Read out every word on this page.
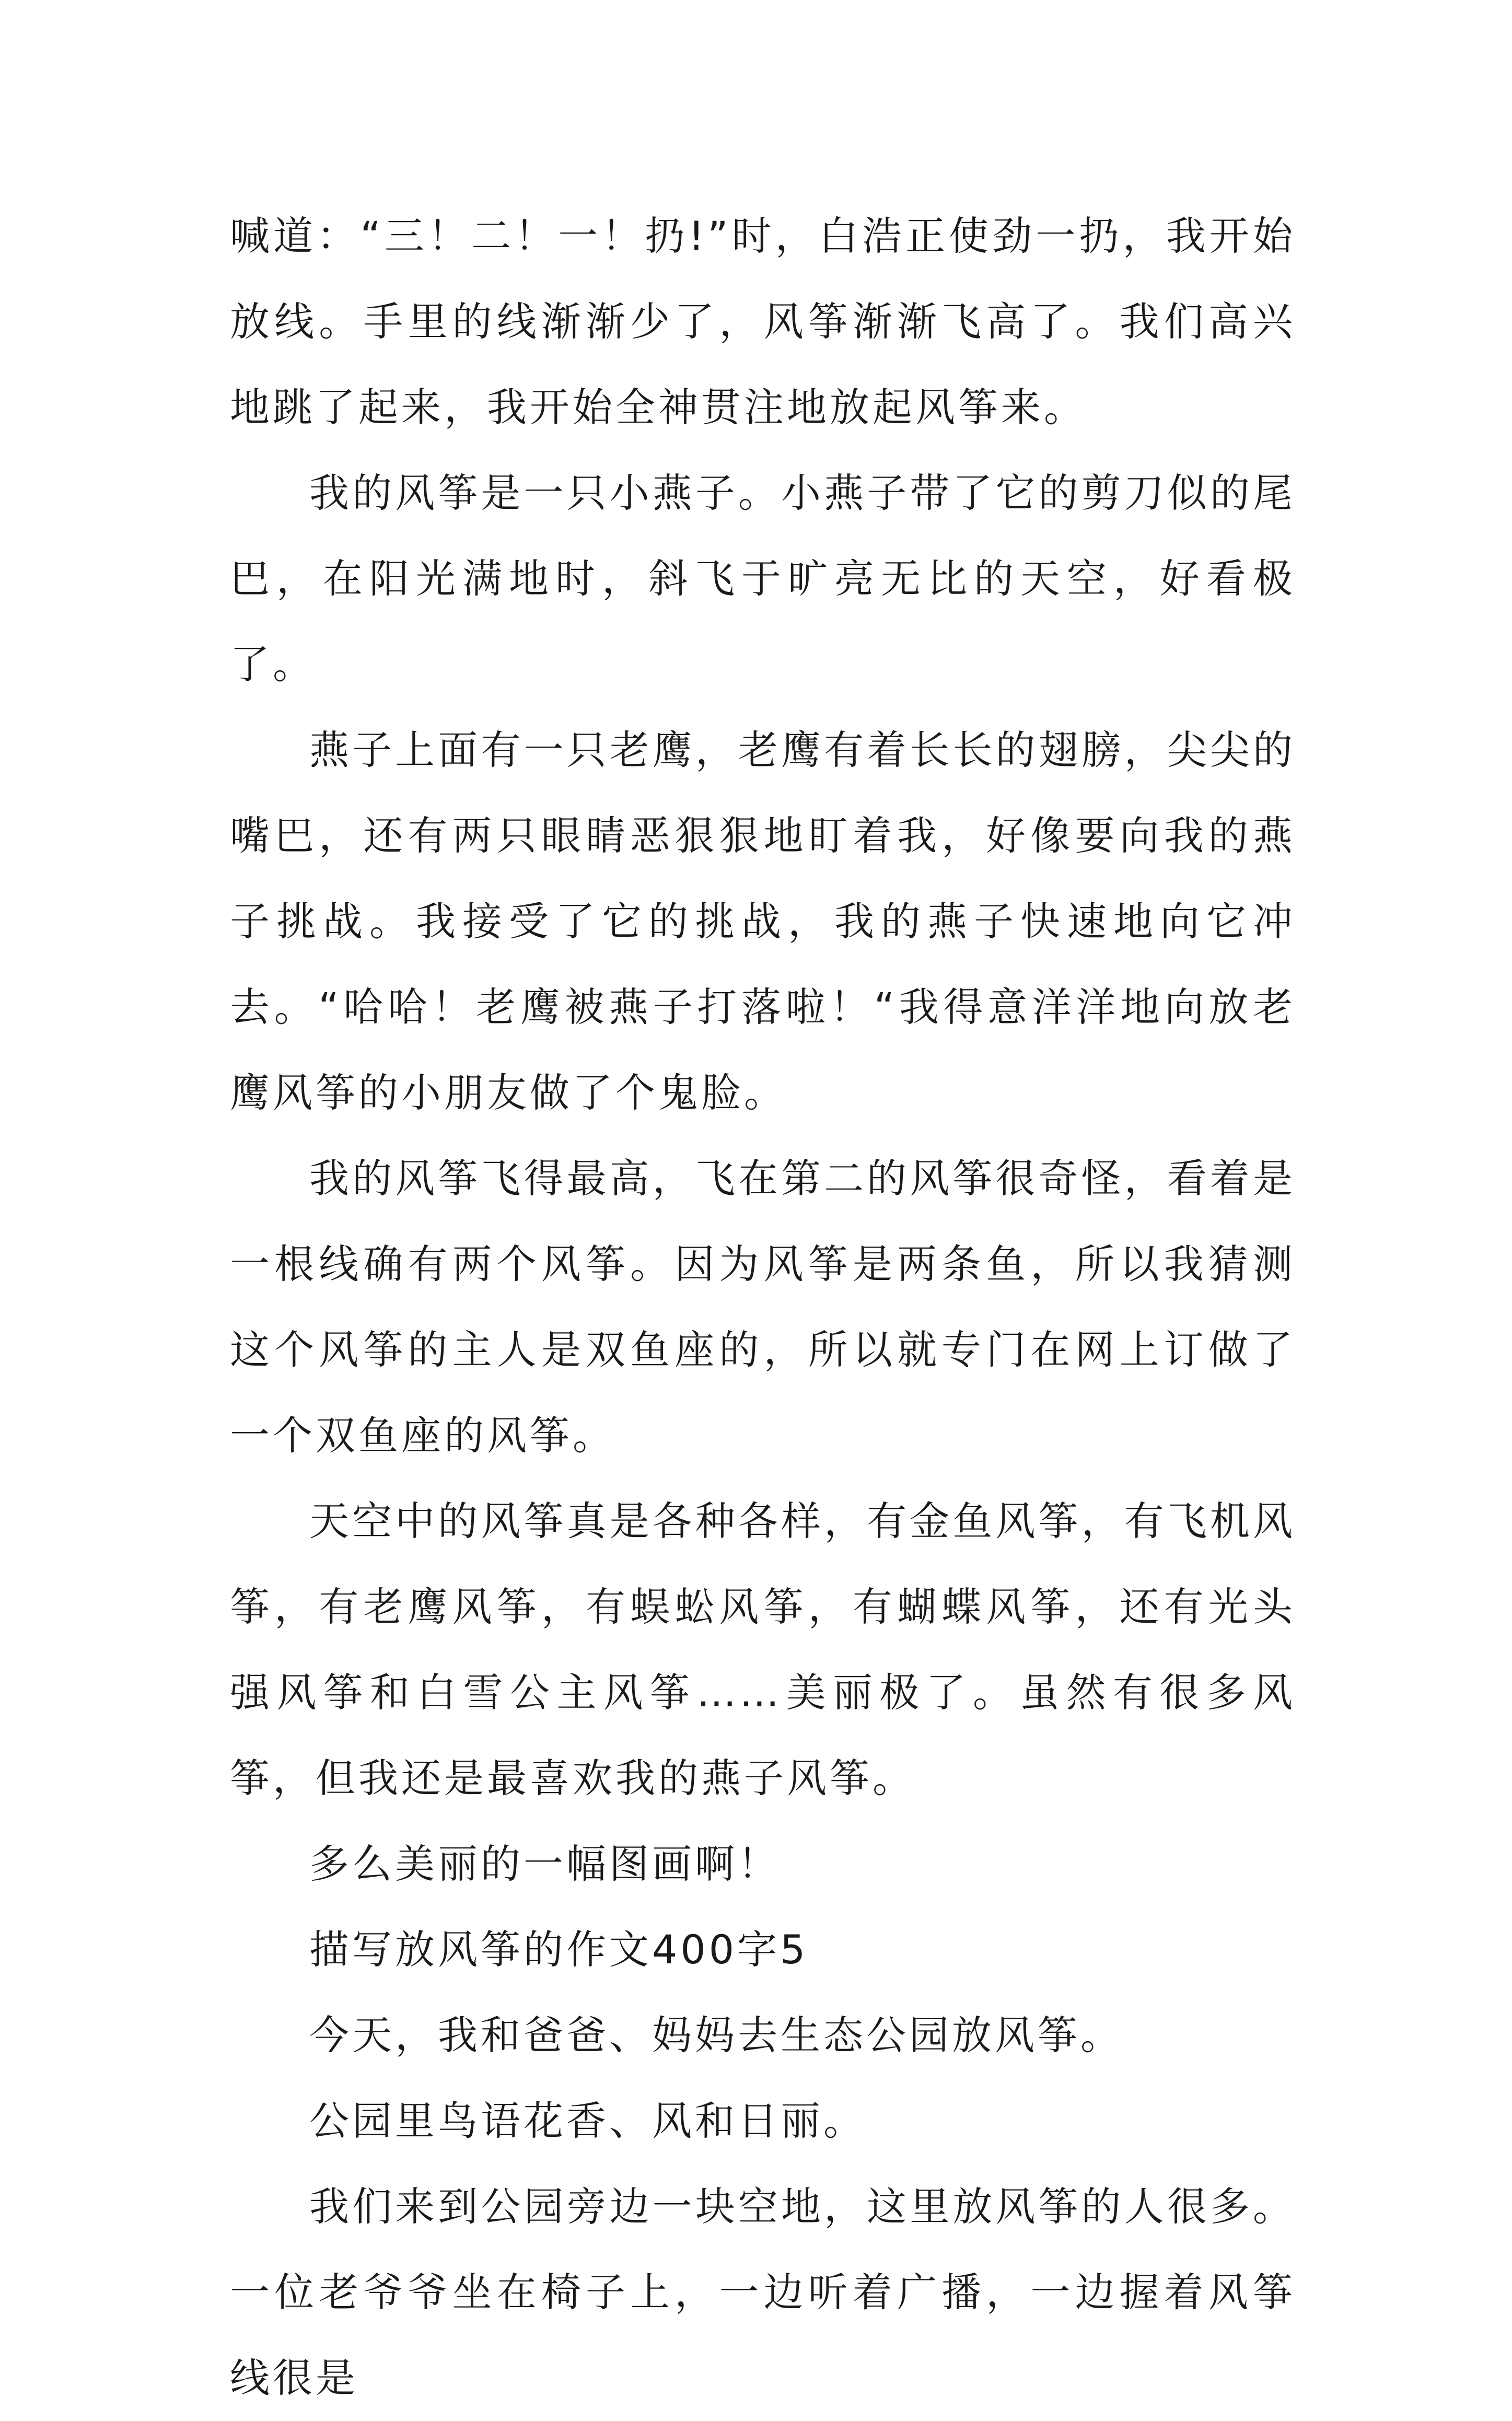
喊道：“三！二！一！扔!”时，白浩正使劲一扔，我开始放线。手里的线渐渐少了，风筝渐渐飞高了。我们高兴地跳了起来，我开始全神贯注地放起风筝来。

我的风筝是一只小燕子。小燕子带了它的剪刀似的尾巴，在阳光满地时，斜飞于旷亮无比的天空，好看极了。

燕子上面有一只老鹰，老鹰有着长长的翅膀，尖尖的嘴巴，还有两只眼睛恶狠狠地盯着我，好像要向我的燕子挑战。我接受了它的挑战，我的燕子快速地向它冲去。“哈哈！老鹰被燕子打落啦！“我得意洋洋地向放老鹰风筝的小朋友做了个鬼脸。

我的风筝飞得最高，飞在第二的风筝很奇怪，看着是一根线确有两个风筝。因为风筝是两条鱼，所以我猜测这个风筝的主人是双鱼座的，所以就专门在网上订做了一个双鱼座的风筝。

天空中的风筝真是各种各样，有金鱼风筝，有飞机风筝，有老鹰风筝，有蜈蚣风筝，有蝴蝶风筝，还有光头强风筝和白雪公主风筝……美丽极了。虽然有很多风筝，但我还是最喜欢我的燕子风筝。

多么美丽的一幅图画啊！

描写放风筝的作文400字5

今天，我和爸爸、妈妈去生态公园放风筝。

公园里鸟语花香、风和日丽。

我们来到公园旁边一块空地，这里放风筝的人很多。一位老爷爷坐在椅子上，一边听着广播，一边握着风筝线很是
